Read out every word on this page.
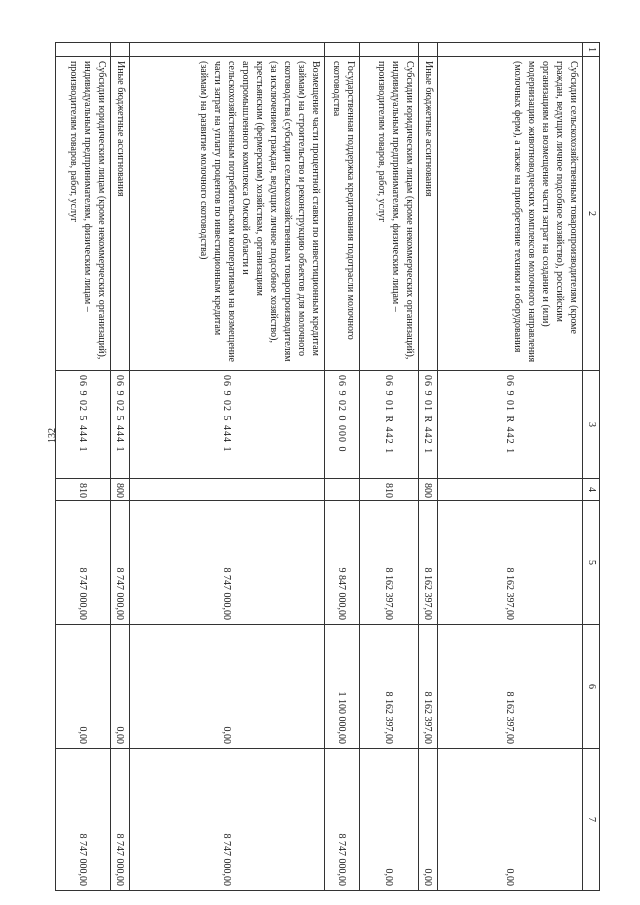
132
1	2	3	4	5	6	7
	Субсидии сельскохозяйственным товаропроизводителям (кроме граждан, ведущих личное подсобное хозяйство), российским организациям на возмещение части затрат на создание и (или) модернизацию животноводческих комплексов молочного направления (молочных ферм), а также на приобретение техники и оборудования	06 9 01 R 442 1		8 162 397,00	8 162 397,00	0,00
	Иные бюджетные ассигнования	06 9 01 R 442 1	800	8 162 397,00	8 162 397,00	0,00
	Субсидии юридическим лицам (кроме некоммерческих организаций), индивидуальным предпринимателям, физическим лицам – производителям товаров, работ, услуг	06 9 01 R 442 1	810	8 162 397,00	8 162 397,00	0,00
	Государственная поддержка кредитования подотрасли молочного скотоводства	06 9 02 0 000 0		9 847 000,00	1 100 000,00	8 747 000,00
	Возмещение части процентной ставки по инвестиционным кредитам (займам) на строительство и реконструкцию объектов для молочного скотоводства (субсидии сельскохозяйственным товаропроизводителям (за исключением граждан, ведущих личное подсобное хозяйство), крестьянским (фермерским) хозяйствам, организациям агропромышленного комплекса Омской области и сельскохозяйственным потребительским кооперативам на возмещение части затрат на уплату процентов по инвестиционным кредитам (займам) на развитие молочного скотоводства)	06 9 02 5 444 1		8 747 000,00	0,00	8 747 000,00
	Иные бюджетные ассигнования	06 9 02 5 444 1	800	8 747 000,00	0,00	8 747 000,00
	Субсидии юридическим лицам (кроме некоммерческих организаций), индивидуальным предпринимателям, физическим лицам – производителям товаров, работ, услуг	06 9 02 5 444 1	810	8 747 000,00	0,00	8 747 000,00
